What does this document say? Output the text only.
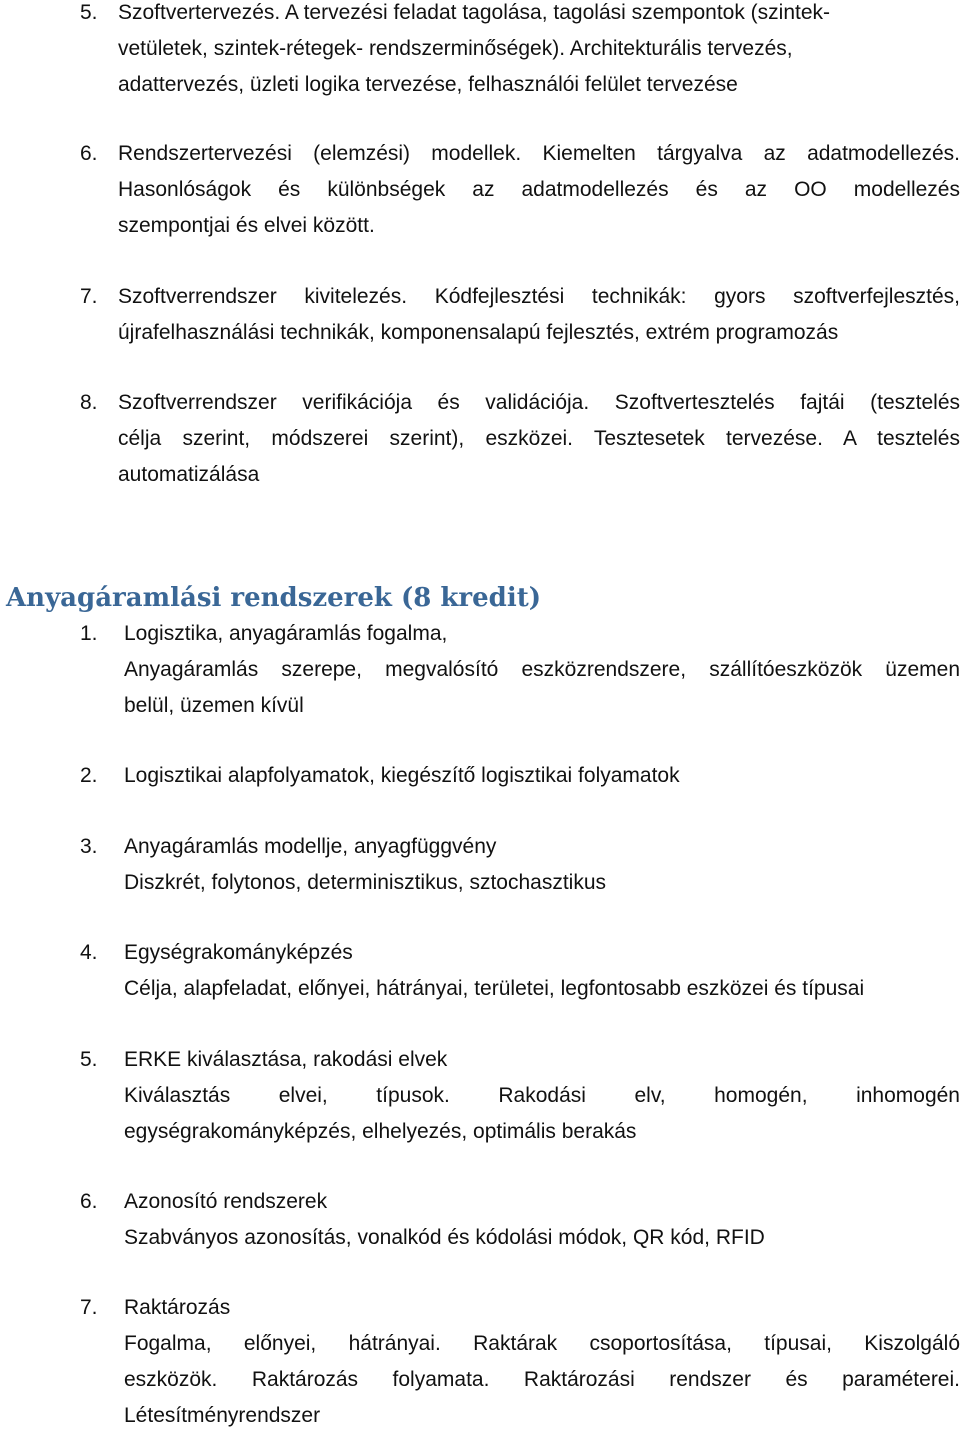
5. Szoftvertervezés. A tervezési feladat tagolása, tagolási szempontok (szintek-
vetületek, szintek-rétegek- rendszerminőségek). Architekturális tervezés,
adattervezés, üzleti logika tervezése, felhasználói felület tervezése
6. Rendszertervezési (elemzési) modellek. Kiemelten tárgyalva az adatmodellezés.
Hasonlóságok és különbségek az adatmodellezés és az OO modellezés
szempontjai és elvei között.
7. Szoftverrendszer kivitelezés. Kódfejlesztési technikák: gyors szoftverfejlesztés,
újrafelhasználási technikák, komponensalapú fejlesztés, extrém programozás
8. Szoftverrendszer verifikációja és validációja. Szoftvertesztelés fajtái (tesztelés
célja szerint, módszerei szerint), eszközei. Tesztesetek tervezése. A tesztelés
automatizálása
Anyagáramlási rendszerek (8 kredit)
1. Logisztika, anyagáramlás fogalma,
Anyagáramlás szerepe, megvalósító eszközrendszere, szállítóeszközök üzemen
belül, üzemen kívül
2. Logisztikai alapfolyamatok, kiegészítő logisztikai folyamatok
3. Anyagáramlás modellje, anyagfüggvény
Diszkrét, folytonos, determinisztikus, sztochasztikus
4. Egységrakományképzés
Célja, alapfeladat, előnyei, hátrányai, területei, legfontosabb eszközei és típusai
5. ERKE kiválasztása, rakodási elvek
Kiválasztás elvei, típusok. Rakodási elv, homogén, inhomogén
egységrakományképzés, elhelyezés, optimális berakás
6. Azonosító rendszerek
Szabványos azonosítás, vonalkód és kódolási módok, QR kód, RFID
7. Raktározás
Fogalma, előnyei, hátrányai. Raktárak csoportosítása, típusai, Kiszolgáló
eszközök. Raktározás folyamata. Raktározási rendszer és paraméterei.
Létesítményrendszer
